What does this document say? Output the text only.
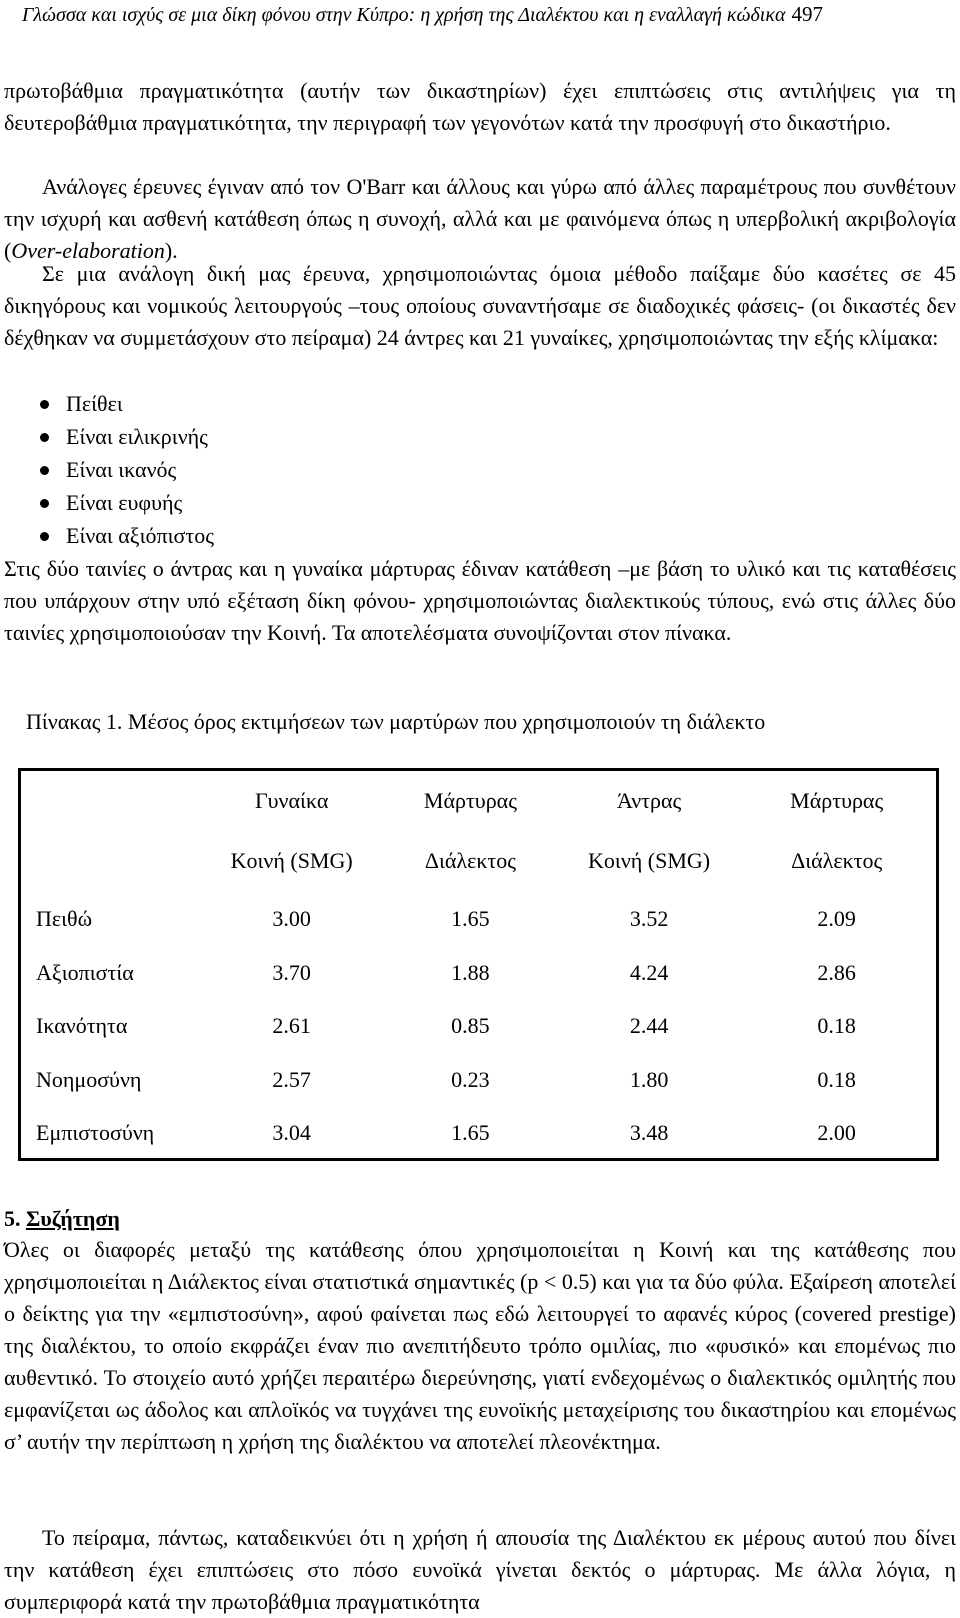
Γλώσσα και ισχύς σε μια δίκη φόνου στην Κύπρο: η χρήση της Διαλέκτου και η εναλλαγή κώδικα 497

πρωτοβάθμια πραγματικότητα (αυτήν των δικαστηρίων) έχει επιπτώσεις στις αντιλήψεις για τη δευτεροβάθμια πραγματικότητα, την περιγραφή των γεγονότων κατά την προσφυγή στο δικαστήριο.

Ανάλογες έρευνες έγιναν από τον O'Barr και άλλους και γύρω από άλλες παραμέτρους που συνθέτουν την ισχυρή και ασθενή κατάθεση όπως η συνοχή, αλλά και με φαινόμενα όπως η υπερβολική ακριβολογία (Over-elaboration).

Σε μια ανάλογη δική μας έρευνα, χρησιμοποιώντας όμοια μέθοδο παίξαμε δύο κασέτες σε 45 δικηγόρους και νομικούς λειτουργούς –τους οποίους συναντήσαμε σε διαδοχικές φάσεις- (οι δικαστές δεν δέχθηκαν να συμμετάσχουν στο πείραμα) 24 άντρες και 21 γυναίκες, χρησιμοποιώντας την εξής κλίμακα:

Πείθει
Είναι ειλικρινής
Είναι ικανός
Είναι ευφυής
Είναι αξιόπιστος

Στις δύο ταινίες ο άντρας και η γυναίκα μάρτυρας έδιναν κατάθεση –με βάση το υλικό και τις καταθέσεις που υπάρχουν στην υπό εξέταση δίκη φόνου- χρησιμοποιώντας διαλεκτικούς τύπους, ενώ στις άλλες δύο ταινίες χρησιμοποιούσαν την Κοινή. Τα αποτελέσματα συνοψίζονται στον πίνακα.

Πίνακας 1. Μέσος όρος εκτιμήσεων των μαρτύρων που χρησιμοποιούν τη διάλεκτο
	Γυναίκα	Μάρτυρας	Άντρας	Μάρτυρας
	Κοινή (SMG)	Διάλεκτος	Κοινή (SMG)	Διάλεκτος
Πειθώ	3.00	1.65	3.52	2.09
Αξιοπιστία	3.70	1.88	4.24	2.86
Ικανότητα	2.61	0.85	2.44	0.18
Νοημοσύνη	2.57	0.23	1.80	0.18
Εμπιστοσύνη	3.04	1.65	3.48	2.00
5. Συζήτηση

Όλες οι διαφορές μεταξύ της κατάθεσης όπου χρησιμοποιείται η Κοινή και της κατάθεσης που χρησιμοποιείται η Διάλεκτος είναι στατιστικά σημαντικές (p < 0.5) και για τα δύο φύλα. Εξαίρεση αποτελεί ο δείκτης για την «εμπιστοσύνη», αφού φαίνεται πως εδώ λειτουργεί το αφανές κύρος (covered prestige) της διαλέκτου, το οποίο εκφράζει έναν πιο ανεπιτήδευτο τρόπο ομιλίας, πιο «φυσικό» και επομένως πιο αυθεντικό. Το στοιχείο αυτό χρήζει περαιτέρω διερεύνησης, γιατί ενδεχομένως ο διαλεκτικός ομιλητής που εμφανίζεται ως άδολος και απλοϊκός να τυγχάνει της ευνοϊκής μεταχείρισης του δικαστηρίου και επομένως σ’ αυτήν την περίπτωση η χρήση της διαλέκτου να αποτελεί πλεονέκτημα.

Το πείραμα, πάντως, καταδεικνύει ότι η χρήση ή απουσία της Διαλέκτου εκ μέρους αυτού που δίνει την κατάθεση έχει επιπτώσεις στο πόσο ευνοϊκά γίνεται δεκτός ο μάρτυρας. Με άλλα λόγια, η συμπεριφορά κατά την πρωτοβάθμια πραγματικότητα
